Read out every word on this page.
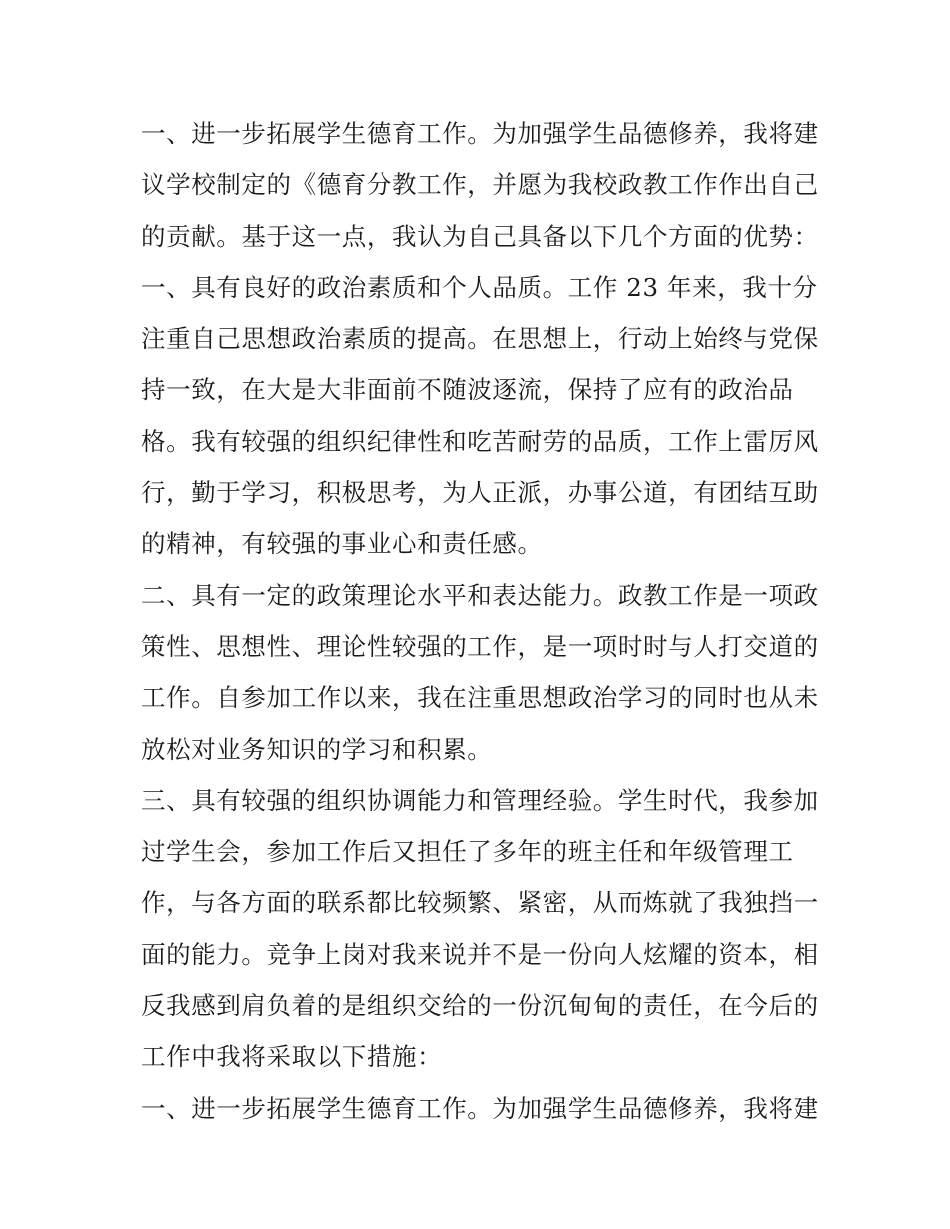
一、进一步拓展学生德育工作。为加强学生品德修养，我将建
议学校制定的《德育分教工作，并愿为我校政教工作作出自己
的贡献。基于这一点，我认为自己具备以下几个方面的优势：
一、具有良好的政治素质和个人品质。工作 23 年来，我十分
注重自己思想政治素质的提高。在思想上，行动上始终与党保
持一致，在大是大非面前不随波逐流，保持了应有的政治品
格。我有较强的组织纪律性和吃苦耐劳的品质，工作上雷厉风
行，勤于学习，积极思考，为人正派，办事公道，有团结互助
的精神，有较强的事业心和责任感。
二、具有一定的政策理论水平和表达能力。政教工作是一项政
策性、思想性、理论性较强的工作，是一项时时与人打交道的
工作。自参加工作以来，我在注重思想政治学习的同时也从未
放松对业务知识的学习和积累。
三、具有较强的组织协调能力和管理经验。学生时代，我参加
过学生会，参加工作后又担任了多年的班主任和年级管理工
作，与各方面的联系都比较频繁、紧密，从而炼就了我独挡一
面的能力。竞争上岗对我来说并不是一份向人炫耀的资本，相
反我感到肩负着的是组织交给的一份沉甸甸的责任，在今后的
工作中我将采取以下措施：
一、进一步拓展学生德育工作。为加强学生品德修养，我将建
